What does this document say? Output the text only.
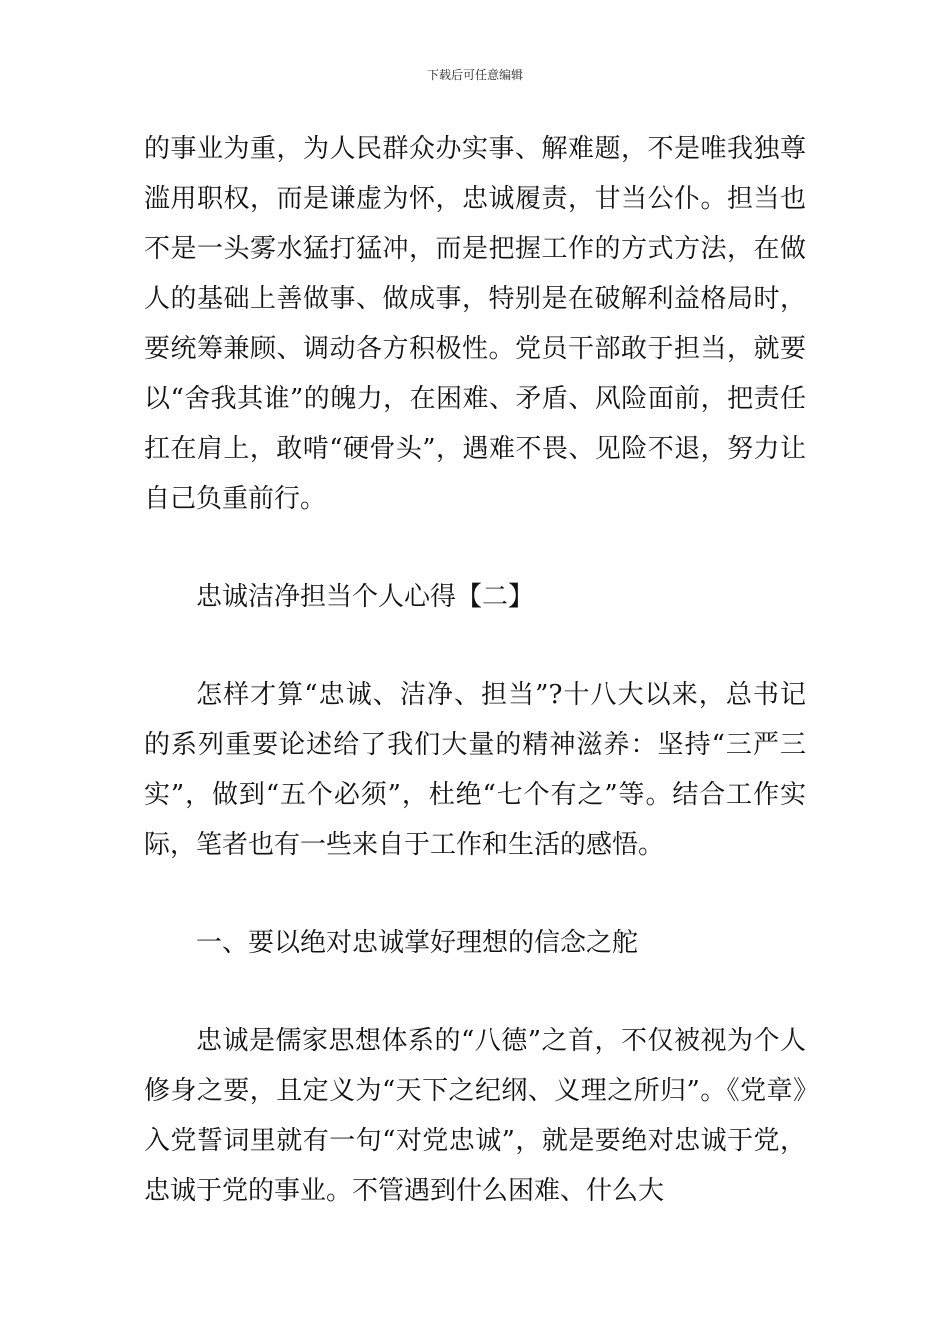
下载后可任意编辑

的事业为重，为人民群众办实事、解难题，不是唯我独尊滥用职权，而是谦虚为怀，忠诚履责，甘当公仆。担当也不是一头雾水猛打猛冲，而是把握工作的方式方法，在做人的基础上善做事、做成事，特别是在破解利益格局时，要统筹兼顾、调动各方积极性。党员干部敢于担当，就要以“舍我其谁”的魄力，在困难、矛盾、风险面前，把责任扛在肩上，敢啃“硬骨头”，遇难不畏、见险不退，努力让自己负重前行。

忠诚洁净担当个人心得【二】

怎样才算“忠诚、洁净、担当”?十八大以来，总书记的系列重要论述给了我们大量的精神滋养：坚持“三严三实”，做到“五个必须”，杜绝“七个有之”等。结合工作实际，笔者也有一些来自于工作和生活的感悟。

一、要以绝对忠诚掌好理想的信念之舵

忠诚是儒家思想体系的“八德”之首，不仅被视为个人修身之要，且定义为“天下之纪纲、义理之所归”。《党章》入党誓词里就有一句“对党忠诚”，就是要绝对忠诚于党，忠诚于党的事业。不管遇到什么困难、什么大
